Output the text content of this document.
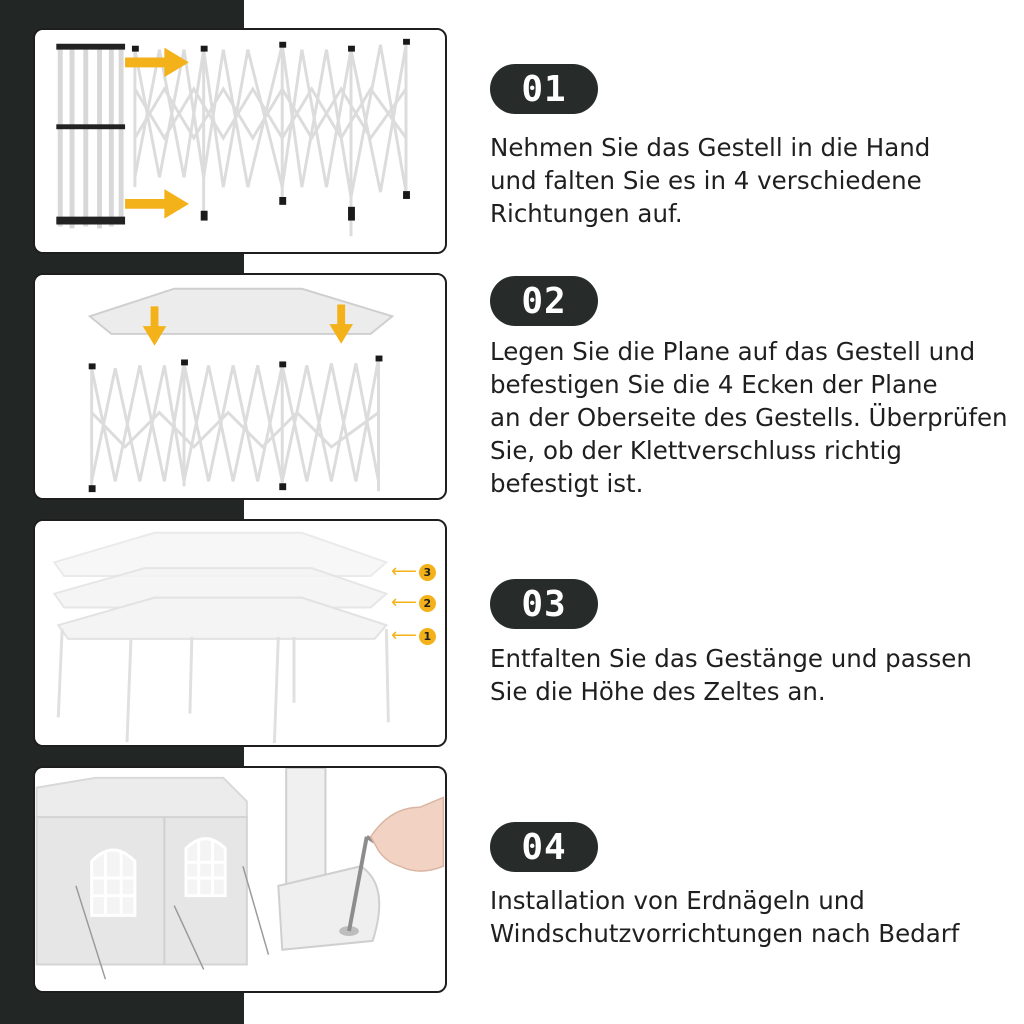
⟵ 3
⟵ 2
⟵ 1
01
Nehmen Sie das Gestell in die Hand
und falten Sie es in 4 verschiedene
Richtungen auf.
02
Legen Sie die Plane auf das Gestell und
befestigen Sie die 4 Ecken der Plane
an der Oberseite des Gestells. Überprüfen
Sie, ob der Klettverschluss richtig
befestigt ist.
03
Entfalten Sie das Gestänge und passen
Sie die Höhe des Zeltes an.
04
Installation von Erdnägeln und
Windschutzvorrichtungen nach Bedarf
